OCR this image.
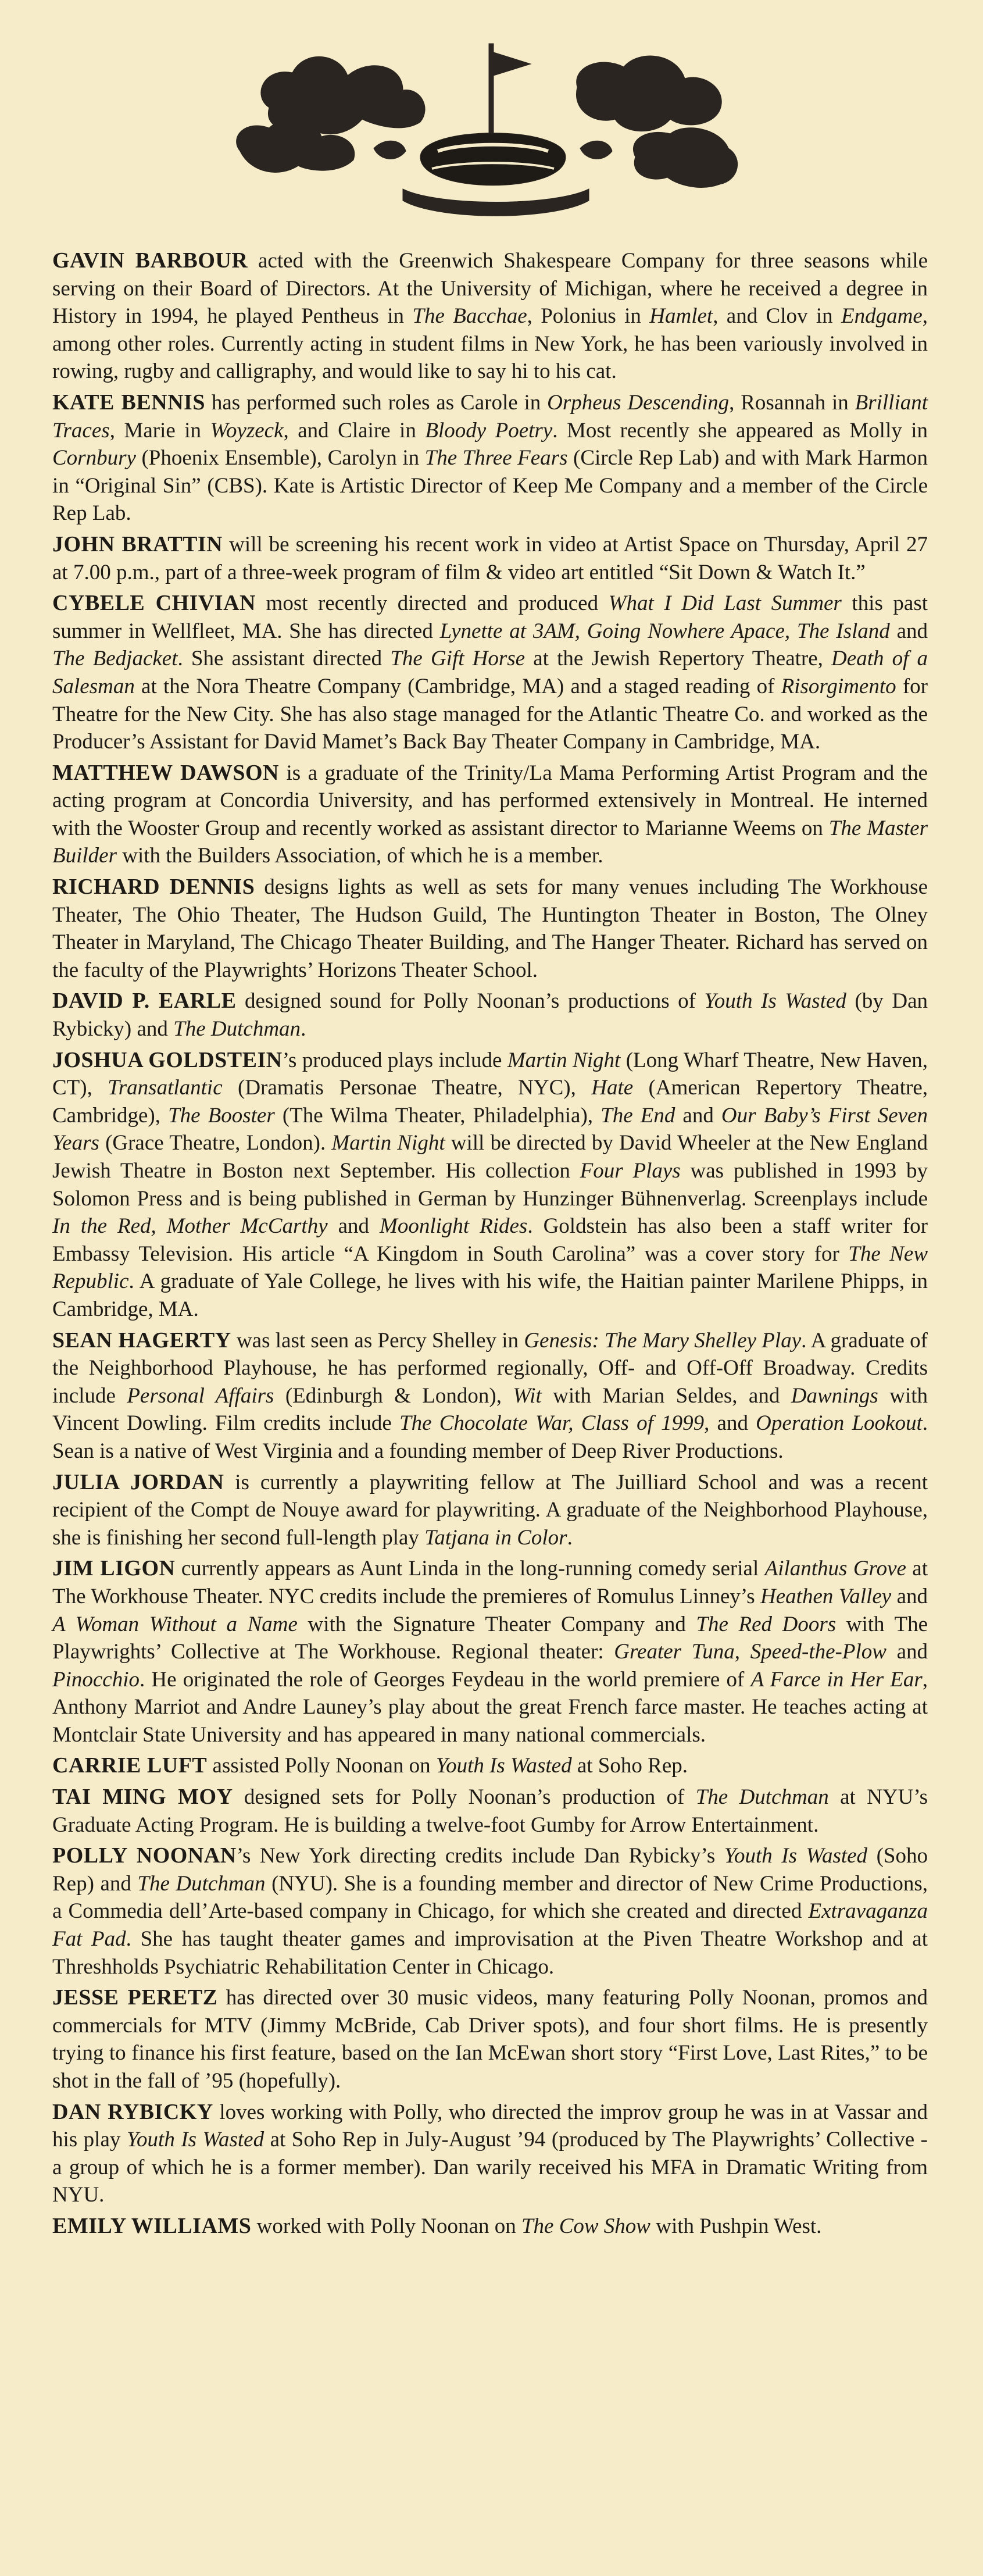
GAVIN BARBOUR acted with the Greenwich Shakespeare Company for three seasons while serving on their Board of Directors. At the University of Michigan, where he received a degree in History in 1994, he played Pentheus in The Bacchae, Polonius in Hamlet, and Clov in Endgame, among other roles. Currently acting in student films in New York, he has been variously involved in rowing, rugby and calligraphy, and would like to say hi to his cat.

KATE BENNIS has performed such roles as Carole in Orpheus Descending, Rosannah in Brilliant Traces, Marie in Woyzeck, and Claire in Bloody Poetry. Most recently she appeared as Molly in Cornbury (Phoenix Ensemble), Carolyn in The Three Fears (Circle Rep Lab) and with Mark Harmon in “Original Sin” (CBS). Kate is Artistic Director of Keep Me Company and a member of the Circle Rep Lab.

JOHN BRATTIN will be screening his recent work in video at Artist Space on Thursday, April 27 at 7.00 p.m., part of a three-week program of film & video art entitled “Sit Down & Watch It.”

CYBELE CHIVIAN most recently directed and produced What I Did Last Summer this past summer in Wellfleet, MA. She has directed Lynette at 3AM, Going Nowhere Apace, The Island and The Bedjacket. She assistant directed The Gift Horse at the Jewish Repertory Theatre, Death of a Salesman at the Nora Theatre Company (Cambridge, MA) and a staged reading of Risorgimento for Theatre for the New City. She has also stage managed for the Atlantic Theatre Co. and worked as the Producer’s Assistant for David Mamet’s Back Bay Theater Company in Cambridge, MA.

MATTHEW DAWSON is a graduate of the Trinity/La Mama Performing Artist Program and the acting program at Concordia University, and has performed extensively in Montreal. He interned with the Wooster Group and recently worked as assistant director to Marianne Weems on The Master Builder with the Builders Association, of which he is a member.

RICHARD DENNIS designs lights as well as sets for many venues including The Workhouse Theater, The Ohio Theater, The Hudson Guild, The Huntington Theater in Boston, The Olney Theater in Maryland, The Chicago Theater Building, and The Hanger Theater. Richard has served on the faculty of the Playwrights’ Horizons Theater School.

DAVID P. EARLE designed sound for Polly Noonan’s productions of Youth Is Wasted (by Dan Rybicky) and The Dutchman.

JOSHUA GOLDSTEIN’s produced plays include Martin Night (Long Wharf Theatre, New Haven, CT), Transatlantic (Dramatis Personae Theatre, NYC), Hate (American Repertory Theatre, Cambridge), The Booster (The Wilma Theater, Philadelphia), The End and Our Baby’s First Seven Years (Grace Theatre, London). Martin Night will be directed by David Wheeler at the New England Jewish Theatre in Boston next September. His collection Four Plays was published in 1993 by Solomon Press and is being published in German by Hunzinger Bühnenverlag. Screenplays include In the Red, Mother McCarthy and Moonlight Rides. Goldstein has also been a staff writer for Embassy Television. His article “A Kingdom in South Carolina” was a cover story for The New Republic. A graduate of Yale College, he lives with his wife, the Haitian painter Marilene Phipps, in Cambridge, MA.

SEAN HAGERTY was last seen as Percy Shelley in Genesis: The Mary Shelley Play. A graduate of the Neighborhood Playhouse, he has performed regionally, Off- and Off-Off Broadway. Credits include Personal Affairs (Edinburgh & London), Wit with Marian Seldes, and Dawnings with Vincent Dowling. Film credits include The Chocolate War, Class of 1999, and Operation Lookout. Sean is a native of West Virginia and a founding member of Deep River Productions.

JULIA JORDAN is currently a playwriting fellow at The Juilliard School and was a recent recipient of the Compt de Nouye award for playwriting. A graduate of the Neighborhood Playhouse, she is finishing her second full-length play Tatjana in Color.

JIM LIGON currently appears as Aunt Linda in the long-running comedy serial Ailanthus Grove at The Workhouse Theater. NYC credits include the premieres of Romulus Linney’s Heathen Valley and A Woman Without a Name with the Signature Theater Company and The Red Doors with The Playwrights’ Collective at The Workhouse. Regional theater: Greater Tuna, Speed-the-Plow and Pinocchio. He originated the role of Georges Feydeau in the world premiere of A Farce in Her Ear, Anthony Marriot and Andre Launey’s play about the great French farce master. He teaches acting at Montclair State University and has appeared in many national commercials.

CARRIE LUFT assisted Polly Noonan on Youth Is Wasted at Soho Rep.

TAI MING MOY designed sets for Polly Noonan’s production of The Dutchman at NYU’s Graduate Acting Program. He is building a twelve-foot Gumby for Arrow Entertainment.

POLLY NOONAN’s New York directing credits include Dan Rybicky’s Youth Is Wasted (Soho Rep) and The Dutchman (NYU). She is a founding member and director of New Crime Productions, a Commedia dell’Arte-based company in Chicago, for which she created and directed Extravaganza Fat Pad. She has taught theater games and improvisation at the Piven Theatre Workshop and at Threshholds Psychiatric Rehabilitation Center in Chicago.

JESSE PERETZ has directed over 30 music videos, many featuring Polly Noonan, promos and commercials for MTV (Jimmy McBride, Cab Driver spots), and four short films. He is presently trying to finance his first feature, based on the Ian McEwan short story “First Love, Last Rites,” to be shot in the fall of ’95 (hopefully).

DAN RYBICKY loves working with Polly, who directed the improv group he was in at Vassar and his play Youth Is Wasted at Soho Rep in July-August ’94 (produced by The Playwrights’ Collective - a group of which he is a former member). Dan warily received his MFA in Dramatic Writing from NYU.

EMILY WILLIAMS worked with Polly Noonan on The Cow Show with Pushpin West.
